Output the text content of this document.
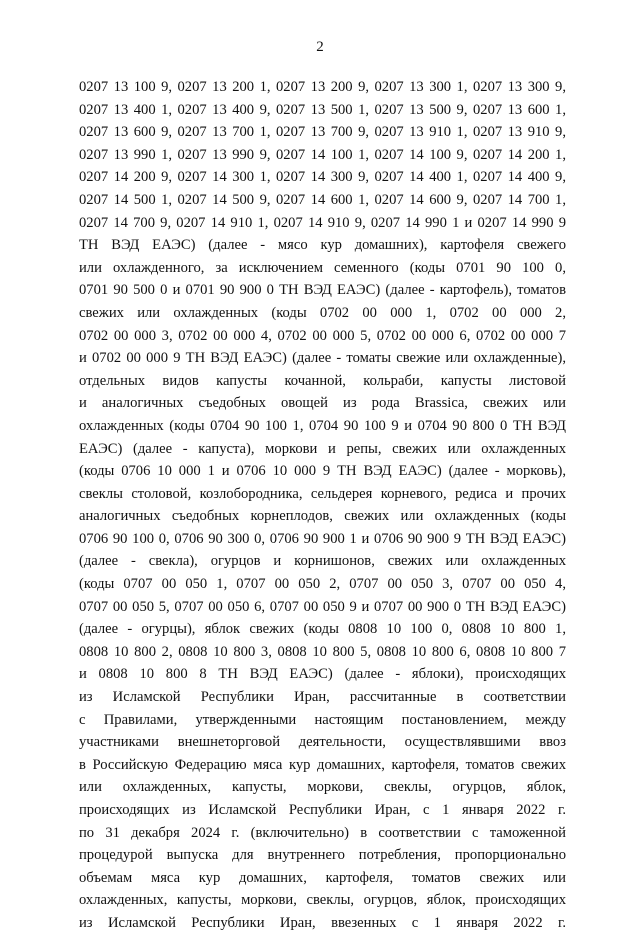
2
0207 13 100 9, 0207 13 200 1, 0207 13 200 9, 0207 13 300 1, 0207 13 300 9,
0207 13 400 1, 0207 13 400 9, 0207 13 500 1, 0207 13 500 9, 0207 13 600 1,
0207 13 600 9, 0207 13 700 1, 0207 13 700 9, 0207 13 910 1, 0207 13 910 9,
0207 13 990 1, 0207 13 990 9, 0207 14 100 1, 0207 14 100 9, 0207 14 200 1,
0207 14 200 9, 0207 14 300 1, 0207 14 300 9, 0207 14 400 1, 0207 14 400 9,
0207 14 500 1, 0207 14 500 9, 0207 14 600 1, 0207 14 600 9, 0207 14 700 1,
0207 14 700 9, 0207 14 910 1, 0207 14 910 9, 0207 14 990 1 и 0207 14 990 9
ТН ВЭД ЕАЭС) (далее - мясо кур домашних), картофеля свежего
или охлажденного, за исключением семенного (коды 0701 90 100 0,
0701 90 500 0 и 0701 90 900 0 ТН ВЭД ЕАЭС) (далее - картофель), томатов
свежих или охлажденных (коды 0702 00 000 1, 0702 00 000 2,
0702 00 000 3, 0702 00 000 4, 0702 00 000 5, 0702 00 000 6, 0702 00 000 7
и 0702 00 000 9 ТН ВЭД ЕАЭС) (далее - томаты свежие или охлажденные),
отдельных видов капусты кочанной, кольраби, капусты листовой
и аналогичных съедобных овощей из рода Brassica, свежих или
охлажденных (коды 0704 90 100 1, 0704 90 100 9 и 0704 90 800 0 ТН ВЭД
ЕАЭС) (далее - капуста), моркови и репы, свежих или охлажденных
(коды 0706 10 000 1 и 0706 10 000 9 ТН ВЭД ЕАЭС) (далее - морковь),
свеклы столовой, козлобородника, сельдерея корневого, редиса и прочих
аналогичных съедобных корнеплодов, свежих или охлажденных (коды
0706 90 100 0, 0706 90 300 0, 0706 90 900 1 и 0706 90 900 9 ТН ВЭД ЕАЭС)
(далее - свекла), огурцов и корнишонов, свежих или охлажденных
(коды 0707 00 050 1, 0707 00 050 2, 0707 00 050 3, 0707 00 050 4,
0707 00 050 5, 0707 00 050 6, 0707 00 050 9 и 0707 00 900 0 ТН ВЭД ЕАЭС)
(далее - огурцы), яблок свежих (коды 0808 10 100 0, 0808 10 800 1,
0808 10 800 2, 0808 10 800 3, 0808 10 800 5, 0808 10 800 6, 0808 10 800 7
и 0808 10 800 8 ТН ВЭД ЕАЭС) (далее - яблоки), происходящих
из Исламской Республики Иран, рассчитанные в соответствии
с Правилами, утвержденными настоящим постановлением, между
участниками внешнеторговой деятельности, осуществлявшими ввоз
в Российскую Федерацию мяса кур домашних, картофеля, томатов свежих
или охлажденных, капусты, моркови, свеклы, огурцов, яблок,
происходящих из Исламской Республики Иран, с 1 января 2022 г.
по 31 декабря 2024 г. (включительно) в соответствии с таможенной
процедурой выпуска для внутреннего потребления, пропорционально
объемам мяса кур домашних, картофеля, томатов свежих или
охлажденных, капусты, моркови, свеклы, огурцов, яблок, происходящих
из Исламской Республики Иран, ввезенных с 1 января 2022 г.
